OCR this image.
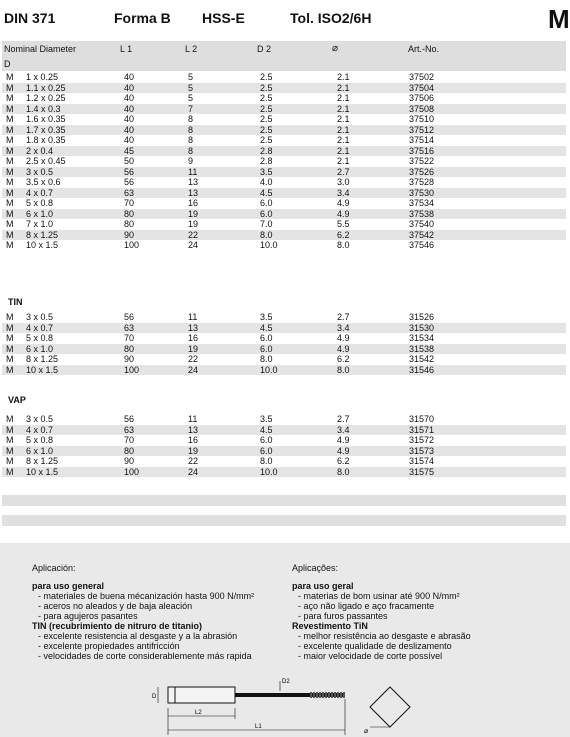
DIN 371	Forma B HSS-E	Tol. ISO2/6H	M
Nominal Diameter	L 1	L 2	D 2	⌀	Art.-No.
D
M 1 x 0.25	40	5	2.5	2.1	37502
M 1.1 x 0.25	40	5	2.5	2.1	37504
M 1.2 x 0.25	40	5	2.5	2.1	37506
M 1.4 x 0.3	40	7	2.5	2.1	37508
M 1.6 x 0.35	40	8	2.5	2.1	37510
M 1.7 x 0.35	40	8	2.5	2.1	37512
M 1.8 x 0.35	40	8	2.5	2.1	37514
M 2 x 0.4	45	8	2.8	2.1	37516
M 2.5 x 0.45	50	9	2.8	2.1	37522
M 3 x 0.5	56	11	3.5	2.7	37526
M 3.5 x 0.6	56	13	4.0	3.0	37528
M 4 x 0.7	63	13	4.5	3.4	37530
M 5 x 0.8	70	16	6.0	4.9	37534
M 6 x 1.0	80	19	6.0	4.9	37538
M 7 x 1.0	80	19	7.0	5.5	37540
M 8 x 1.25	90	22	8.0	6.2	37542
M 10 x 1.5	100	24	10.0	8.0	37546
TIN
M 3 x 0.5	56	11	3.5	2.7	31526
M 4 x 0.7	63	13	4.5	3.4	31530
M 5 x 0.8	70	16	6.0	4.9	31534
M 6 x 1.0	80	19	6.0	4.9	31538
M 8 x 1.25	90	22	8.0	6.2	31542
M 10 x 1.5	100	24	10.0	8.0	31546
VAP
M 3 x 0.5	56	11	3.5	2.7	31570
M 4 x 0.7	63	13	4.5	3.4	31571
M 5 x 0.8	70	16	6.0	4.9	31572
M 6 x 1.0	80	19	6.0	4.9	31573
M 8 x 1.25	90	22	8.0	6.2	31574
M 10 x 1.5	100	24	10.0	8.0	31575
Aplicación:
para uso general
- materiales de buena mécanización hasta 900 N/mm²
- aceros no aleados y de baja aleación
- para agujeros pasantes
TIN (recubrimiento de nitruro de titanio)
- excelente resistencia al desgaste y a la abrasión
- excelente propiedades antifricción
- velocidades de corte considerablemente más rapida
Aplicações:
para uso geral
- materias de bom usinar até 900 N/mm²
- aço não ligado e aço fracamente
- para furos passantes
Revestimento TiN
- melhor resistência ao desgaste e abrasão
- excelente qualidade de deslizamento
- maior velocidade de corte possível
D2
D
L2
L1
⌀
